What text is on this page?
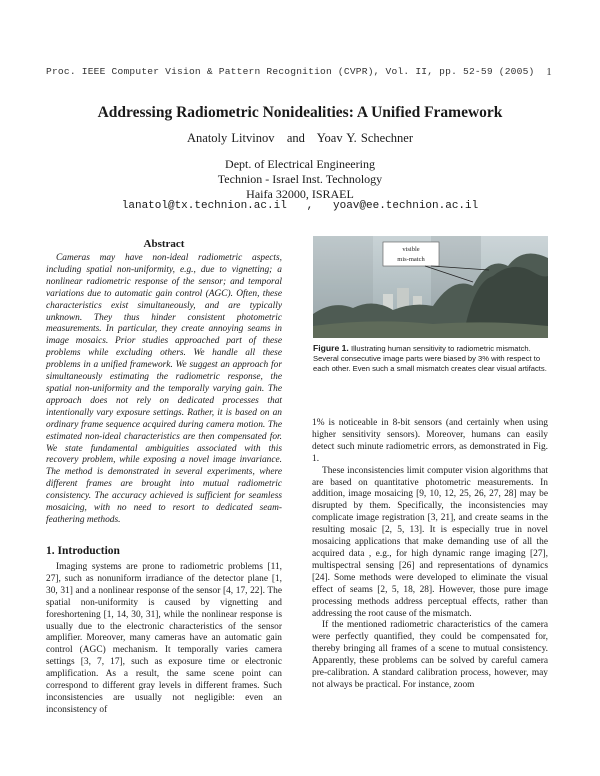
Proc. IEEE Computer Vision & Pattern Recognition (CVPR), Vol. II, pp. 52-59 (2005) 1
Addressing Radiometric Nonidealities: A Unified Framework
Anatoly Litvinov   and   Yoav Y. Schechner
Dept. of Electrical Engineering
Technion - Israel Inst. Technology
Haifa 32000, ISRAEL
lanatol@tx.technion.ac.il   ,   yoav@ee.technion.ac.il
Abstract

Cameras may have non-ideal radiometric aspects, including spatial non-uniformity, e.g., due to vignetting; a nonlinear radiometric response of the sensor; and temporal variations due to automatic gain control (AGC). Often, these characteristics exist simultaneously, and are typically unknown. They thus hinder consistent photometric measurements. In particular, they create annoying seams in image mosaics. Prior studies approached part of these problems while excluding others. We handle all these problems in a unified framework. We suggest an approach for simultaneously estimating the radiometric response, the spatial non-uniformity and the temporally varying gain. The approach does not rely on dedicated processes that intentionally vary exposure settings. Rather, it is based on an ordinary frame sequence acquired during camera motion. The estimated non-ideal characteristics are then compensated for. We state fundamental ambiguities associated with this recovery problem, while exposing a novel image invariance. The method is demonstrated in several experiments, where different frames are brought into mutual radiometric consistency. The accuracy achieved is sufficient for seamless mosaicing, with no need to resort to dedicated seam-feathering methods.

1. Introduction

Imaging systems are prone to radiometric problems [11, 27], such as nonuniform irradiance of the detector plane [1, 30, 31] and a nonlinear response of the sensor [4, 17, 22]. The spatial non-uniformity is caused by vignetting and foreshortening [1, 14, 30, 31], while the nonlinear response is usually due to the electronic characteristics of the sensor amplifier. Moreover, many cameras have an automatic gain control (AGC) mechanism. It temporally varies camera settings [3, 7, 17], such as exposure time or electronic amplification. As a result, the same scene point can correspond to different gray levels in different frames. Such inconsistencies are usually not negligible: even an inconsistency of

visible
mis-match
Figure 1. Illustrating human sensitivity to radiometric mismatch. Several consecutive image parts were biased by 3% with respect to each other. Even such a small mismatch creates clear visual artifacts.

1% is noticeable in 8-bit sensors (and certainly when using higher sensitivity sensors). Moreover, humans can easily detect such minute radiometric errors, as demonstrated in Fig. 1.

These inconsistencies limit computer vision algorithms that are based on quantitative photometric measurements. In addition, image mosaicing [9, 10, 12, 25, 26, 27, 28] may be disrupted by them. Specifically, the inconsistencies may complicate image registration [3, 21], and create seams in the resulting mosaic [2, 5, 13]. It is especially true in novel mosaicing applications that make demanding use of all the acquired data , e.g., for high dynamic range imaging [27], multispectral sensing [26] and representations of dynamics [24]. Some methods were developed to eliminate the visual effect of seams [2, 5, 18, 28]. However, those pure image processing methods address perceptual effects, rather than addressing the root cause of the mismatch.

If the mentioned radiometric characteristics of the camera were perfectly quantified, they could be compensated for, thereby bringing all frames of a scene to mutual consistency. Apparently, these problems can be solved by careful camera pre-calibration. A standard calibration process, however, may not always be practical. For instance, zoom
